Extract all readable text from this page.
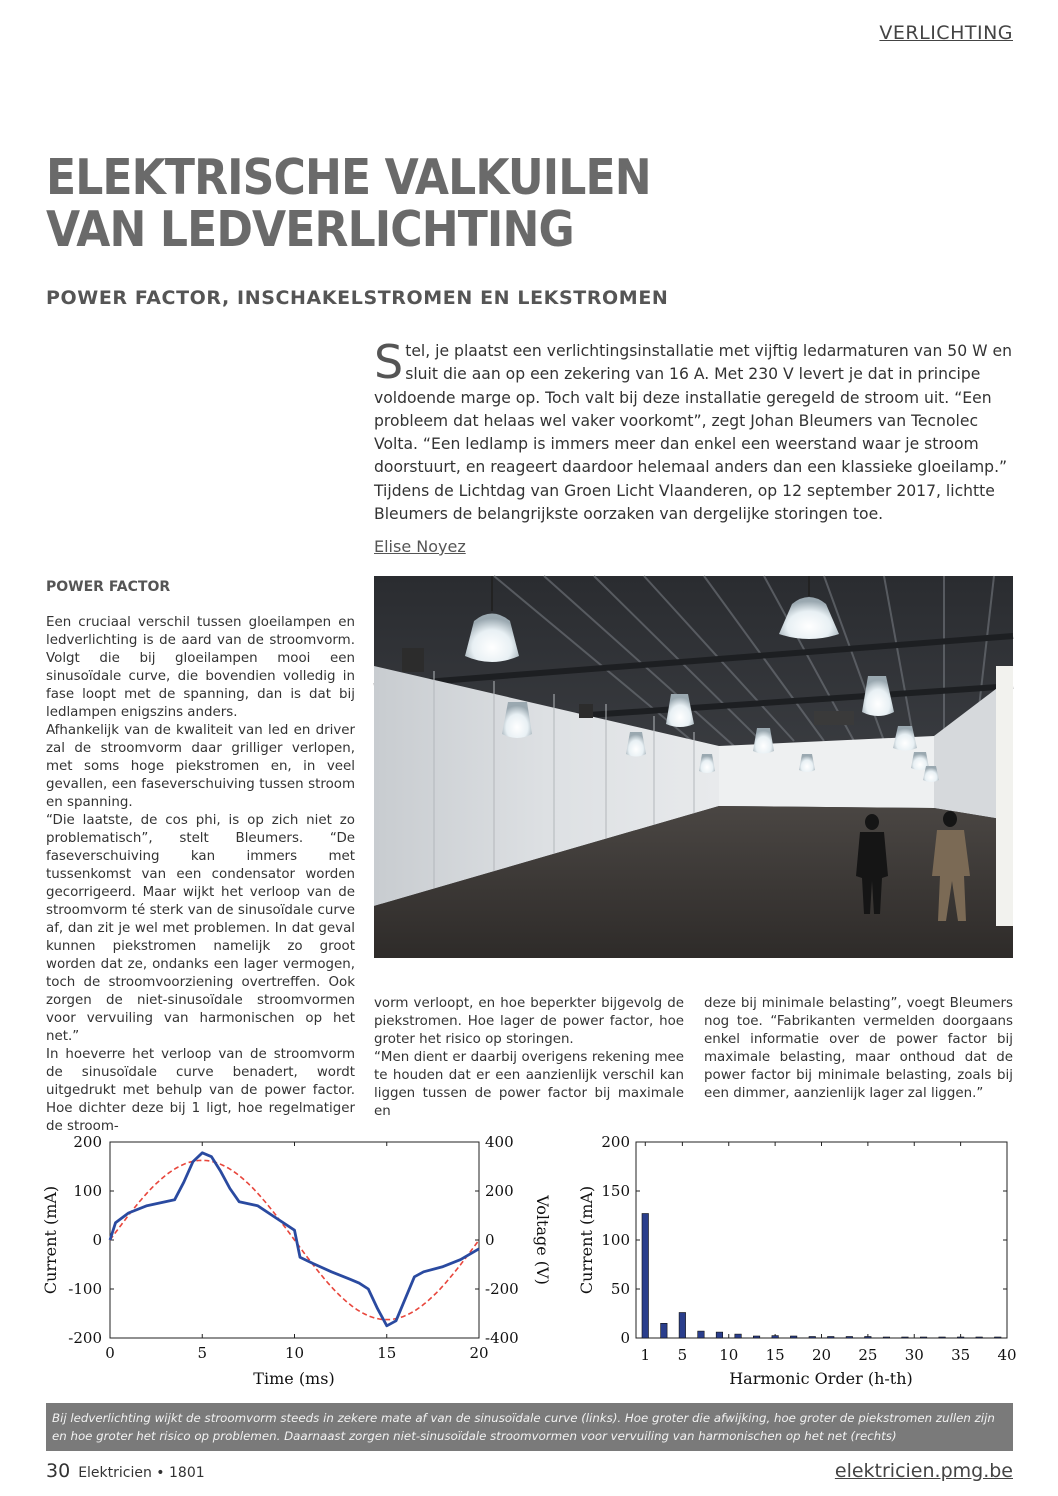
VERLICHTING
ELEKTRISCHE VALKUILEN
VAN LEDVERLICHTING
POWER FACTOR, INSCHAKELSTROMEN EN LEKSTROMEN

Stel, je plaatst een verlichtingsinstallatie met vijftig ledarmaturen van 50 W en sluit die aan op een zekering van 16 A. Met 230 V levert je dat in principe voldoende marge op. Toch valt bij deze installatie geregeld de stroom uit. “Een probleem dat helaas wel vaker voorkomt”, zegt Johan Bleumers van Tecnolec Volta. “Een ledlamp is immers meer dan enkel een weerstand waar je stroom doorstuurt, en reageert daardoor helemaal anders dan een klassieke gloeilamp.” Tijdens de Lichtdag van Groen Licht Vlaanderen, op 12 september 2017, lichtte Bleumers de belangrijkste oorzaken van dergelijke storingen toe.

Elise Noyez
POWER FACTOR

Een cruciaal verschil tussen gloeilampen en ledverlichting is de aard van de stroomvorm. Volgt die bij gloeilampen mooi een sinusoïdale curve, die bovendien volledig in fase loopt met de spanning, dan is dat bij ledlampen enigszins anders.

Afhankelijk van de kwaliteit van led en driver zal de stroomvorm daar grilliger verlopen, met soms hoge piekstromen en, in veel gevallen, een faseverschuiving tussen stroom en spanning.

“Die laatste, de cos phi, is op zich niet zo problematisch”, stelt Bleumers. “De faseverschuiving kan immers met tussenkomst van een condensator worden gecorrigeerd. Maar wijkt het verloop van de stroomvorm té sterk van de sinusoïdale curve af, dan zit je wel met problemen. In dat geval kunnen piekstromen namelijk zo groot worden dat ze, ondanks een lager vermogen, toch de stroomvoorziening overtreffen. Ook zorgen de niet-sinusoïdale stroomvormen voor vervuiling van harmonischen op het net.”

In hoeverre het verloop van de stroomvorm de sinusoïdale curve benadert, wordt uitgedrukt met behulp van de power factor. Hoe dichter deze bij 1 ligt, hoe regelmatiger de stroom-

vorm verloopt, en hoe beperkter bijgevolg de piekstromen. Hoe lager de power factor, hoe groter het risico op storingen.

“Men dient er daarbij overigens rekening mee te houden dat er een aanzienlijk verschil kan liggen tussen de power factor bij maximale en

deze bij minimale belasting”, voegt Bleumers nog toe. “Fabrikanten vermelden doorgaans enkel informatie over de power factor bij maximale belasting, maar onthoud dat de power factor bij minimale belasting, zoals bij een dimmer, aanzienlijk lager zal liggen.”

200
100
0
-100
-200
400
200
0
-200
-400
0	5	10	15	20
Time (ms)
Current (mA)	Voltage (V)
200
150
100
50
0
1 5 10 15 20 25 30 35 40
Harmonic Order (h-th)
Current (mA)
Bij ledverlichting wijkt de stroomvorm steeds in zekere mate af van de sinusoïdale curve (links). Hoe groter die afwijking, hoe groter de piekstromen zullen zijn en hoe groter het risico op problemen. Daarnaast zorgen niet-sinusoïdale stroomvormen voor vervuiling van harmonischen op het net (rechts)
30 Elektricien • 1801	elektricien.pmg.be
